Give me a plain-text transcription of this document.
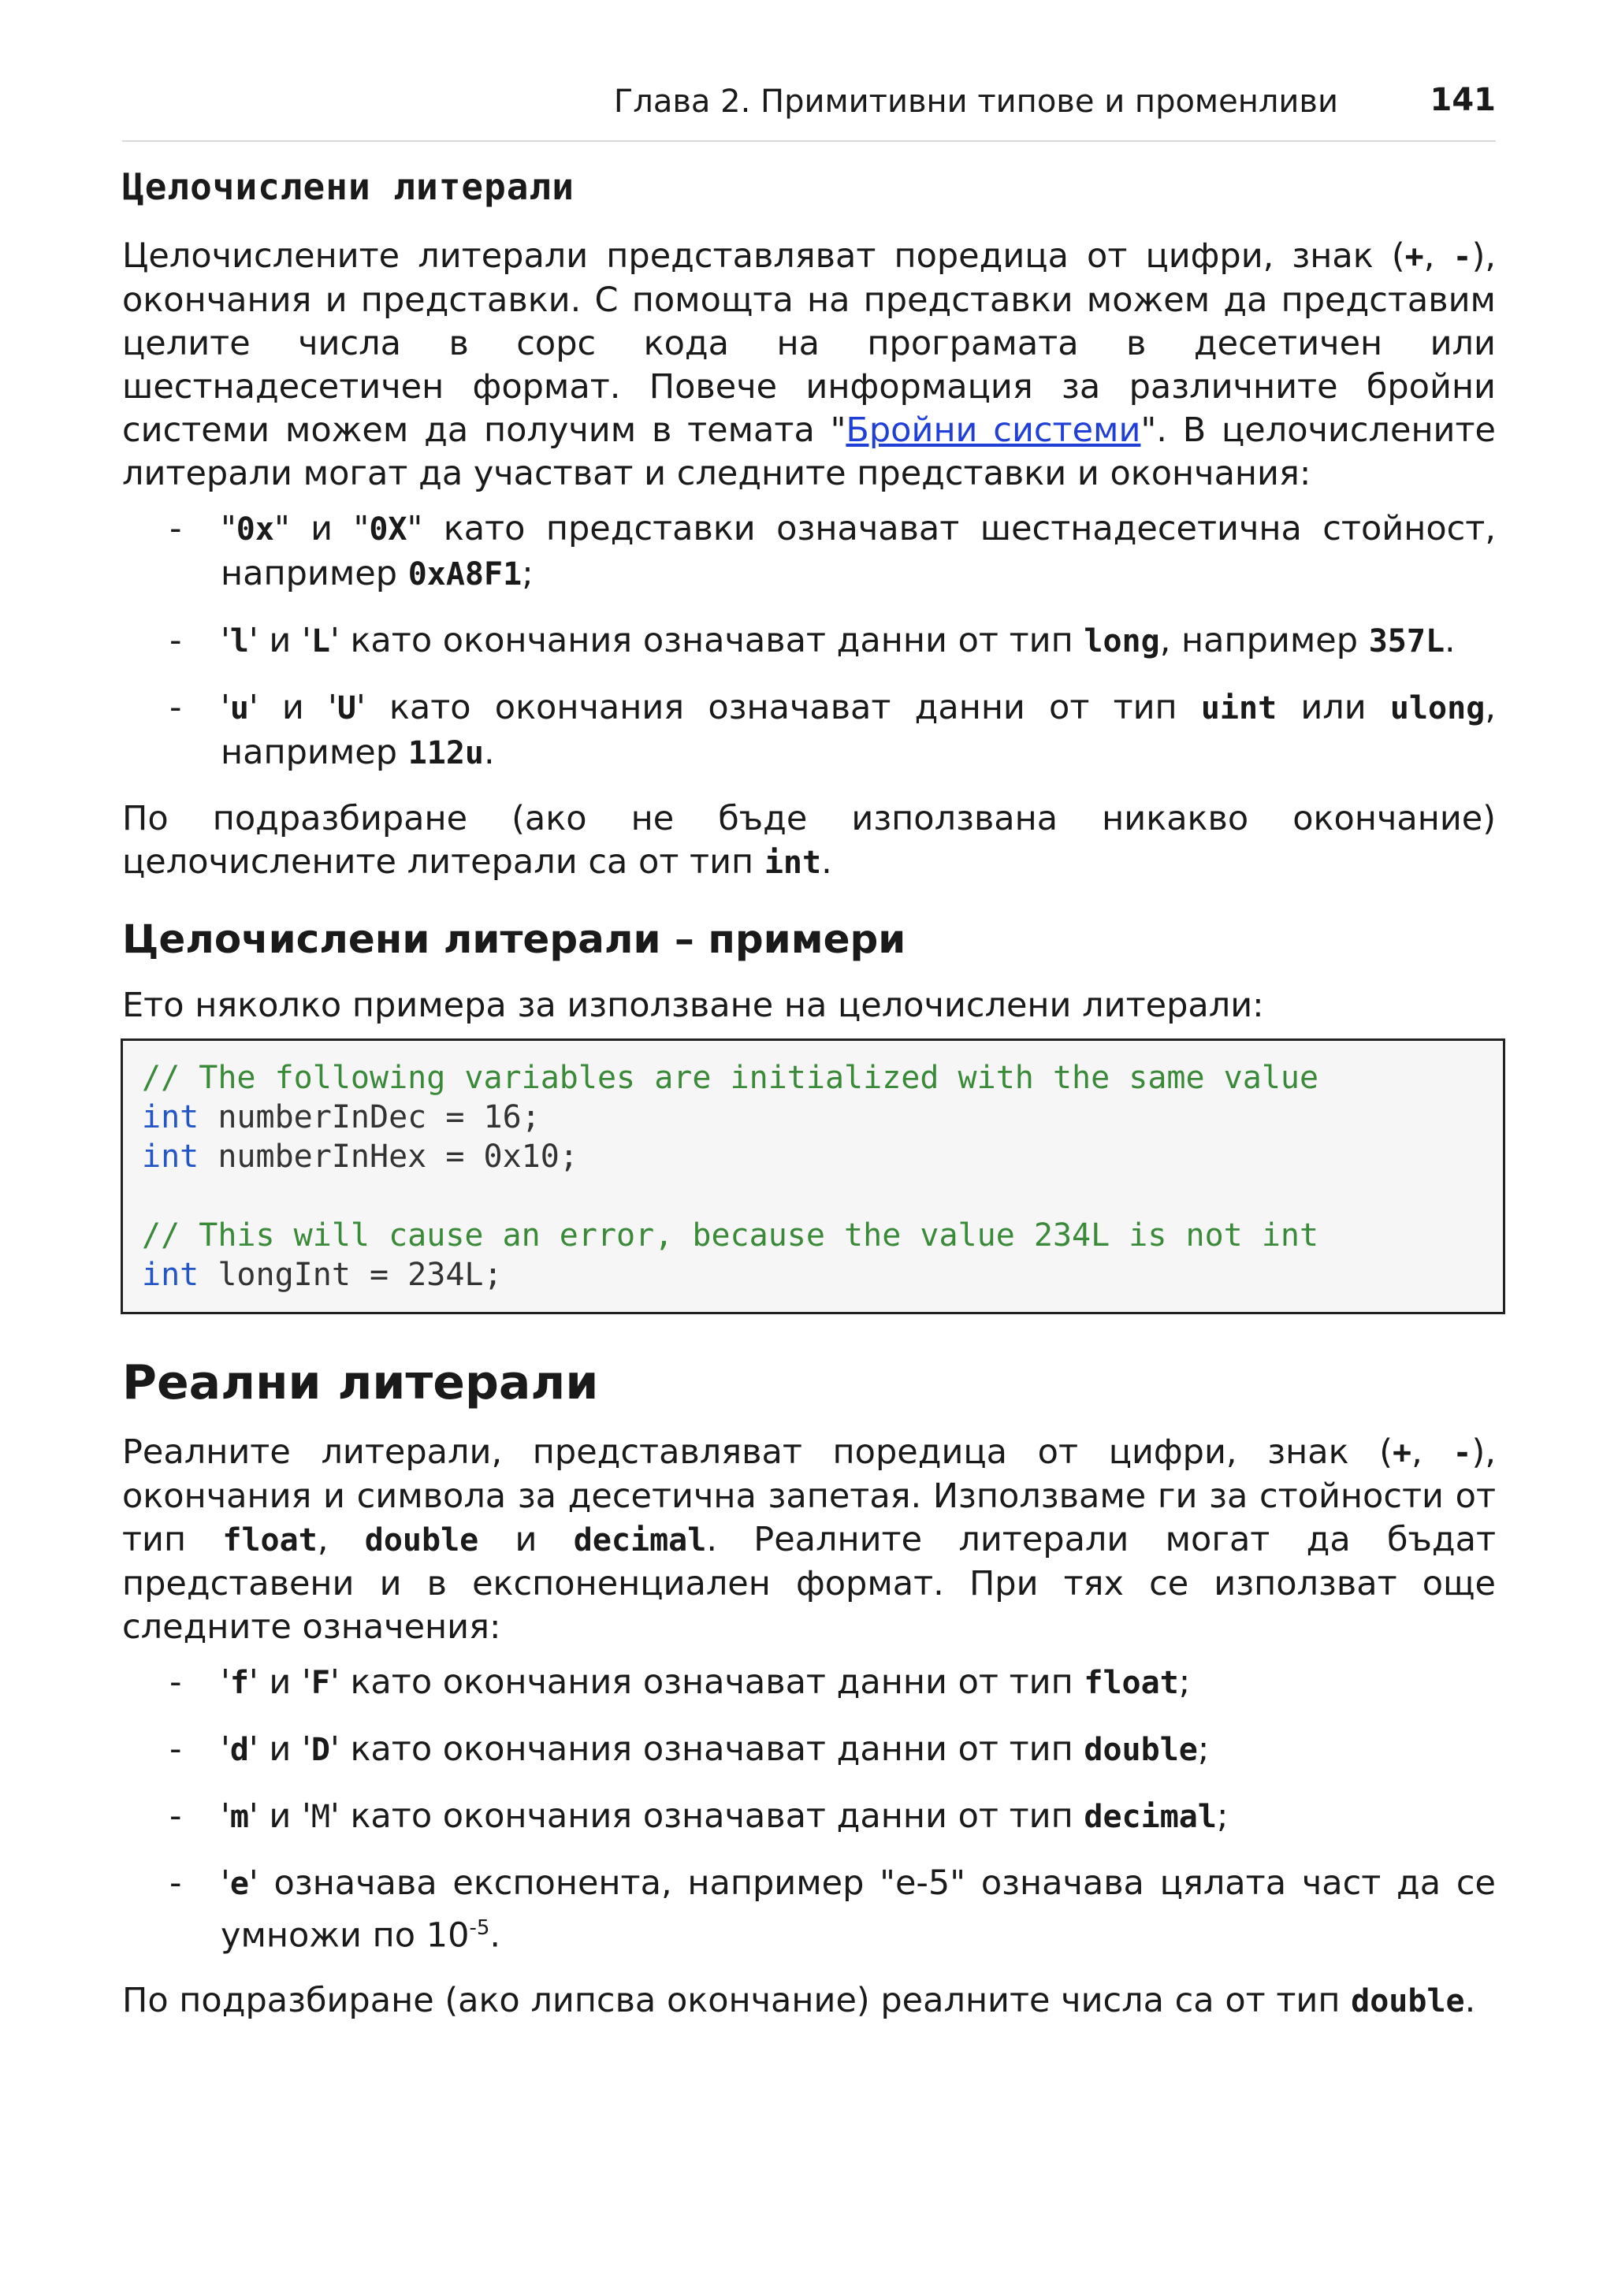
Глава 2. Примитивни типове и променливи	141
Целочислени литерали

Целочислените литерали представляват поредица от цифри, знак (+, -), окончания и представки. С помощта на представки можем да представим целите числа в сорс кода на програмата в десетичен или шестнадесетичен формат. Повече информация за различните бройни системи можем да получим в темата "Бройни системи". В целочислените литерали могат да участват и следните представки и окончания:

- "0x" и "0X" като представки означават шестнадесетична стойност, например 0xA8F1;
- 'l' и 'L' като окончания означават данни от тип long, например 357L.
- 'u' и 'U' като окончания означават данни от тип uint или ulong, например 112u.

По подразбиране (ако не бъде използвана никакво окончание) целочислените литерали са от тип int.

Целочислени литерали – примери

Ето няколко примера за използване на целочислени литерали:

// The following variables are initialized with the same value
int numberInDec = 16;
int numberInHex = 0x10;
// This will cause an error, because the value 234L is not int
int longInt = 234L;
Реални литерали

Реалните литерали, представляват поредица от цифри, знак (+, -), окончания и символа за десетична запетая. Използваме ги за стойности от тип float, double и decimal. Реалните литерали могат да бъдат представени и в експоненциален формат. При тях се използват още следните означения:

- 'f' и 'F' като окончания означават данни от тип float;
- 'd' и 'D' като окончания означават данни от тип double;
- 'm' и 'M' като окончания означават данни от тип decimal;
- 'e' означава експонента, например "e-5" означава цялата част да се умножи по $10^{-5}$.

По подразбиране (ако липсва окончание) реалните числа са от тип double.
